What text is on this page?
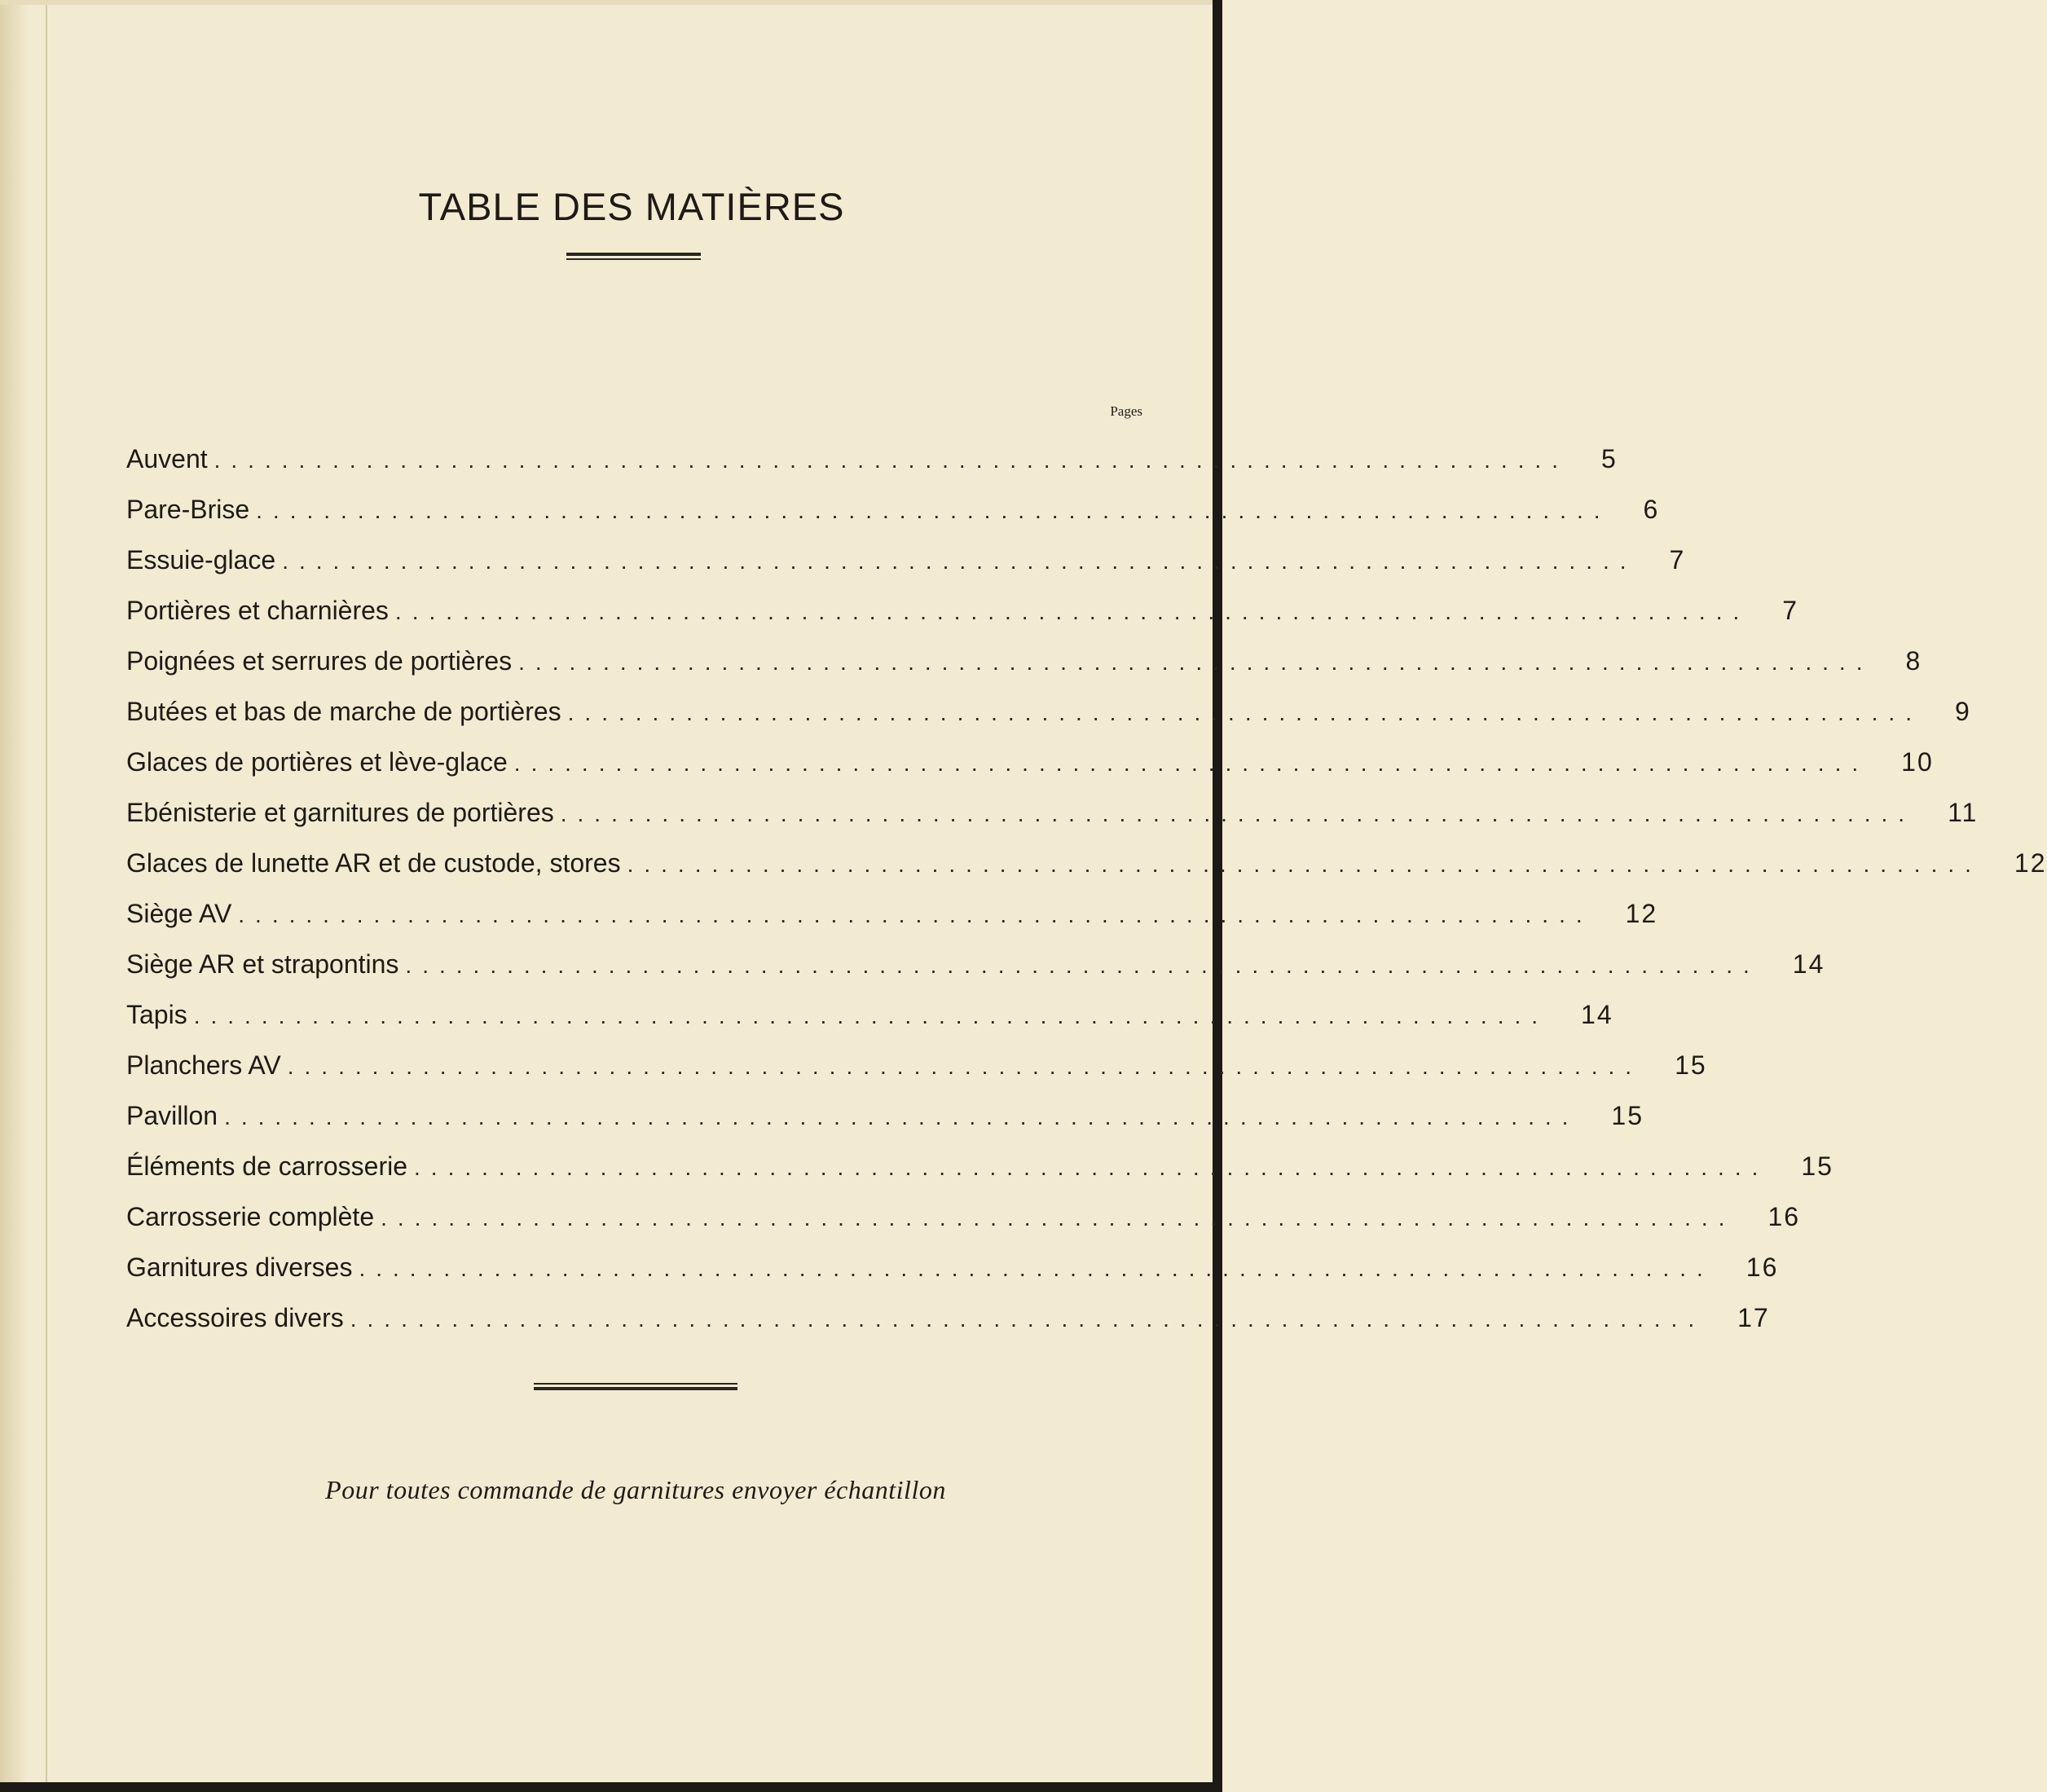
TABLE DES MATIÈRES
Pages
Auvent ................................................................................ 5
Pare-Brise ................................................................................ 6
Essuie-glace ................................................................................ 7
Portières et charnières ................................................................................ 7
Poignées et serrures de portières ................................................................................ 8
Butées et bas de marche de portières ................................................................................ 9
Glaces de portières et lève-glace ................................................................................ 10
Ebénisterie et garnitures de portières ................................................................................ 11
Glaces de lunette AR et de custode, stores ................................................................................ 12
Siège AV ................................................................................ 12
Siège AR et strapontins ................................................................................ 14
Tapis ................................................................................ 14
Planchers AV ................................................................................ 15
Pavillon ................................................................................ 15
Éléments de carrosserie ................................................................................ 15
Carrosserie complète ................................................................................ 16
Garnitures diverses ................................................................................ 16
Accessoires divers ................................................................................ 17
Pour toutes commande de garnitures envoyer échantillon
